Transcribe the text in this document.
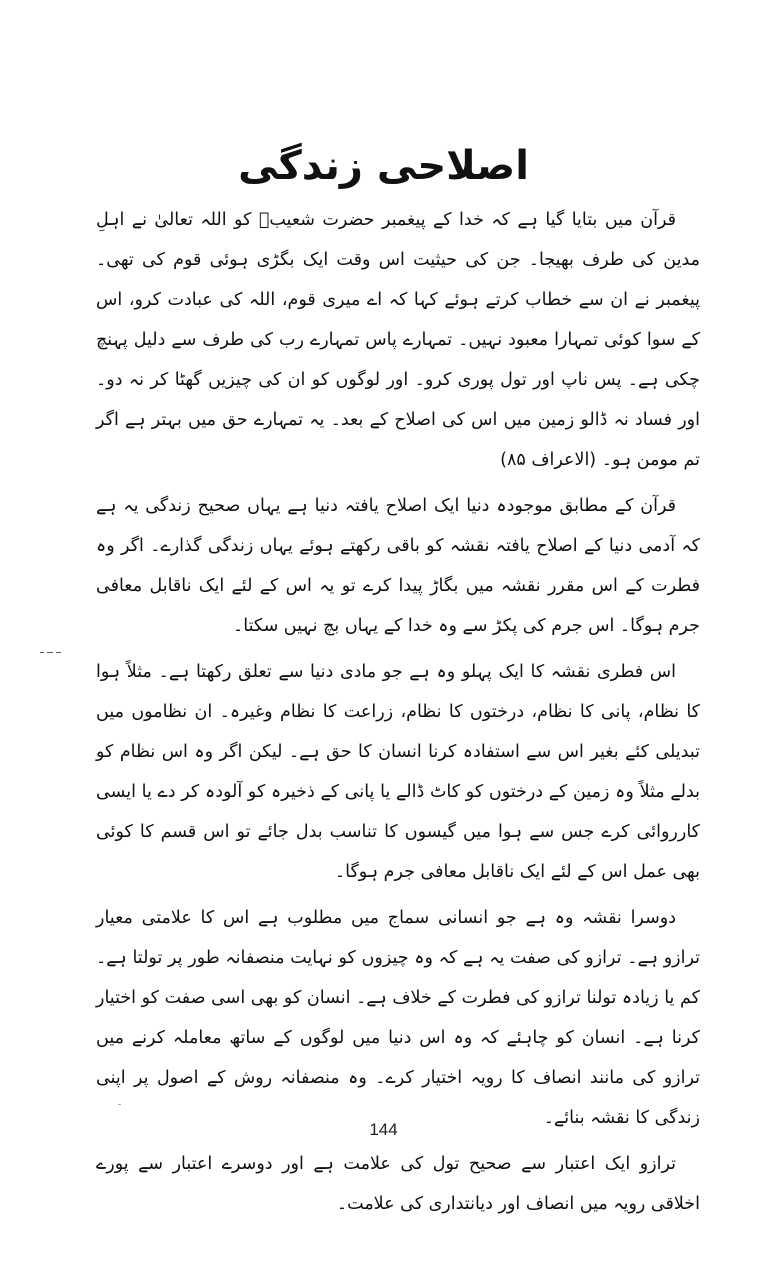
اصلاحی زندگی

قرآن میں بتایا گیا ہے کہ خدا کے پیغمبر حضرت شعیبؑ کو اللہ تعالیٰ نے اہلِ مدین کی طرف بھیجا۔ جن کی حیثیت اس وقت ایک بگڑی ہوئی قوم کی تھی۔ پیغمبر نے ان سے خطاب کرتے ہوئے کہا کہ اے میری قوم، اللہ کی عبادت کرو، اس کے سوا کوئی تمہارا معبود نہیں۔ تمہارے پاس تمہارے رب کی طرف سے دلیل پہنچ چکی ہے۔ پس ناپ اور تول پوری کرو۔ اور لوگوں کو ان کی چیزیں گھٹا کر نہ دو۔ اور فساد نہ ڈالو زمین میں اس کی اصلاح کے بعد۔ یہ تمہارے حق میں بہتر ہے اگر تم مومن ہو۔ (الاعراف ۸۵)

قرآن کے مطابق موجودہ دنیا ایک اصلاح یافتہ دنیا ہے یہاں صحیح زندگی یہ ہے کہ آدمی دنیا کے اصلاح یافتہ نقشہ کو باقی رکھتے ہوئے یہاں زندگی گذارے۔ اگر وہ فطرت کے اس مقرر نقشہ میں بگاڑ پیدا کرے تو یہ اس کے لئے ایک ناقابل معافی جرم ہوگا۔ اس جرم کی پکڑ سے وہ خدا کے یہاں بچ نہیں سکتا۔

اس فطری نقشہ کا ایک پہلو وہ ہے جو مادی دنیا سے تعلق رکھتا ہے۔ مثلاً ہوا کا نظام، پانی کا نظام، درختوں کا نظام، زراعت کا نظام وغیرہ۔ ان نظاموں میں تبدیلی کئے بغیر اس سے استفادہ کرنا انسان کا حق ہے۔ لیکن اگر وہ اس نظام کو بدلے مثلاً وہ زمین کے درختوں کو کاٹ ڈالے یا پانی کے ذخیرہ کو آلودہ کر دے یا ایسی کارروائی کرے جس سے ہوا میں گیسوں کا تناسب بدل جائے تو اس قسم کا کوئی بھی عمل اس کے لئے ایک ناقابل معافی جرم ہوگا۔

دوسرا نقشہ وہ ہے جو انسانی سماج میں مطلوب ہے اس کا علامتی معیار ترازو ہے۔ ترازو کی صفت یہ ہے کہ وہ چیزوں کو نہایت منصفانہ طور پر تولتا ہے۔ کم یا زیادہ تولنا ترازو کی فطرت کے خلاف ہے۔ انسان کو بھی اسی صفت کو اختیار کرنا ہے۔ انسان کو چاہئے کہ وہ اس دنیا میں لوگوں کے ساتھ معاملہ کرنے میں ترازو کی مانند انصاف کا رویہ اختیار کرے۔ وہ منصفانہ روش کے اصول پر اپنی زندگی کا نقشہ بنائے۔

ترازو ایک اعتبار سے صحیح تول کی علامت ہے اور دوسرے اعتبار سے پورے اخلاقی رویہ میں انصاف اور دیانتداری کی علامت۔

144
